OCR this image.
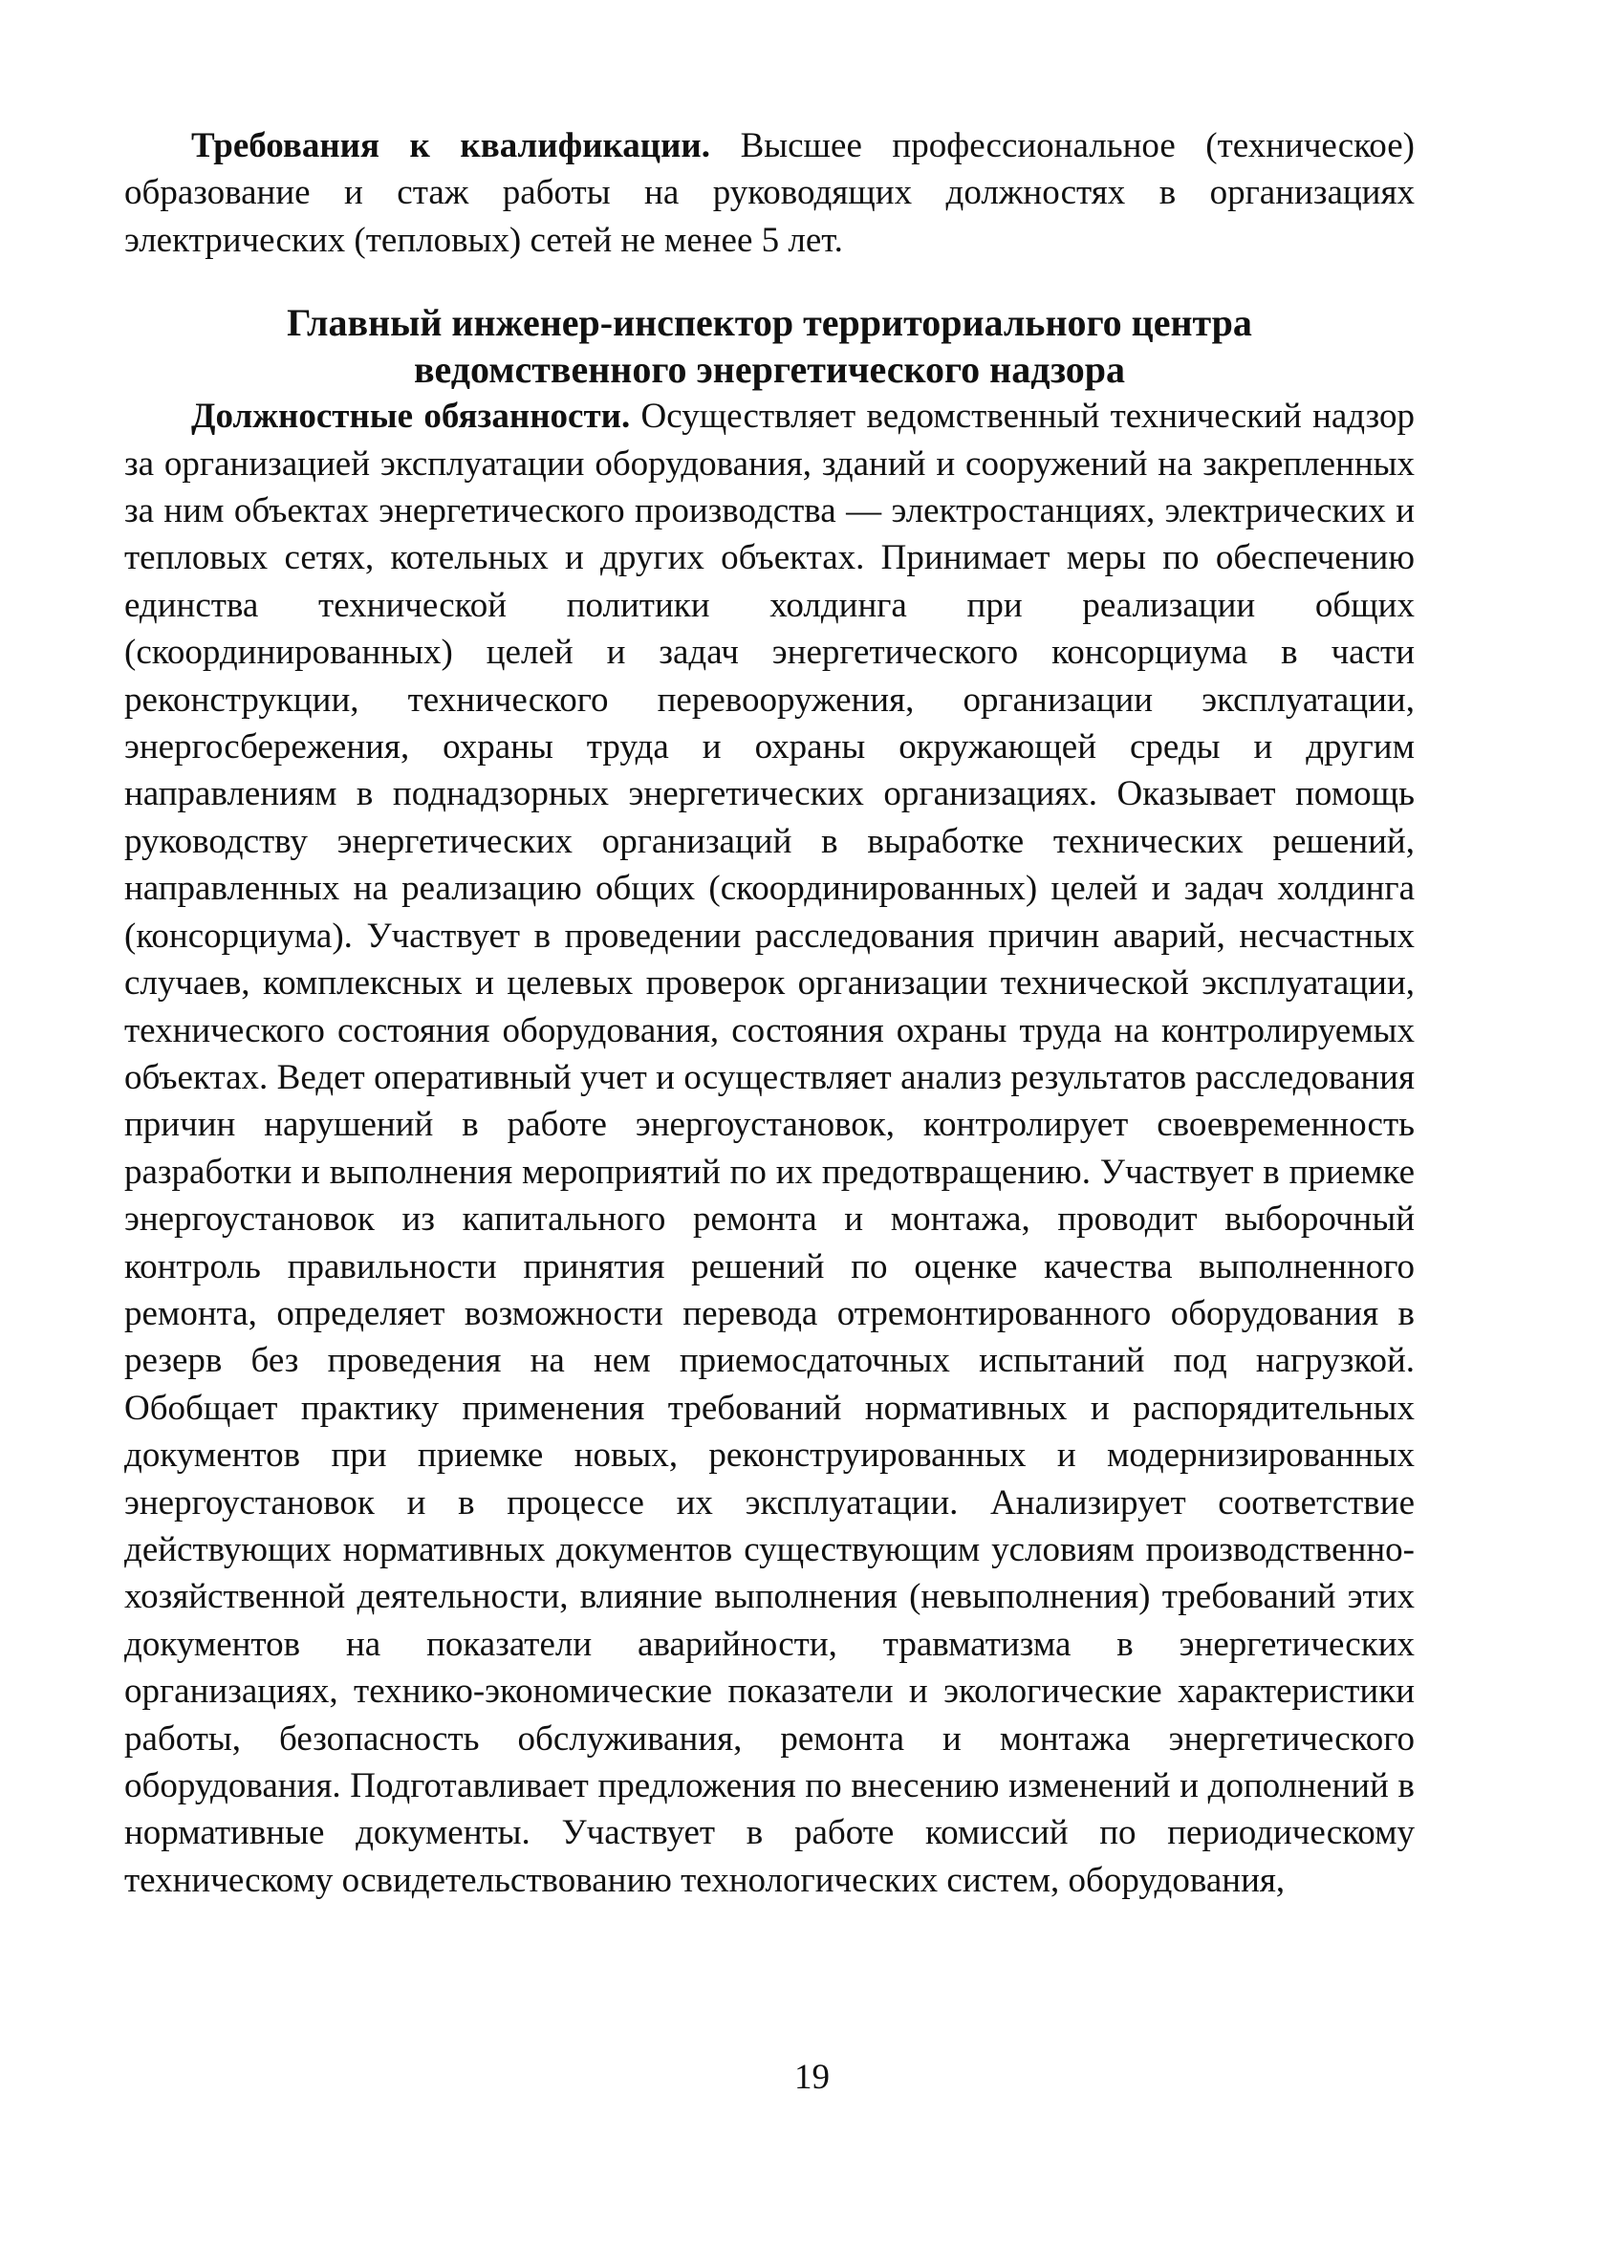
Требования к квалификации. Высшее профессиональное (техническое) образование и стаж работы на руководящих должностях в организациях электрических (тепловых) сетей не менее 5 лет.

Главный инженер-инспектор территориального центра
ведомственного энергетического надзора

Должностные обязанности. Осуществляет ведомственный технический надзор за организацией эксплуатации оборудования, зданий и сооружений на закрепленных за ним объектах энергетического производства — электростанциях, электрических и тепловых сетях, котельных и других объектах. Принимает меры по обеспечению единства технической политики холдинга при реализации общих (скоординированных) целей и задач энергетического консорциума в части реконструкции, технического перевооружения, организации эксплуатации, энергосбережения, охраны труда и охраны окружающей среды и другим направлениям в поднадзорных энергетических организациях. Оказывает помощь руководству энергетических организаций в выработке технических решений, направленных на реализацию общих (скоординированных) целей и задач холдинга (консорциума). Участвует в проведении расследования причин аварий, несчастных случаев, комплексных и целевых проверок организации технической эксплуатации, технического состояния оборудования, состояния охраны труда на контролируемых объектах. Ведет оперативный учет и осуществляет анализ результатов расследования причин нарушений в работе энергоустановок, контролирует своевременность разработки и выполнения мероприятий по их предотвращению. Участвует в приемке энергоустановок из капитального ремонта и монтажа, проводит выборочный контроль правильности принятия решений по оценке качества выполненного ремонта, определяет возможности перевода отремонтированного оборудования в резерв без проведения на нем приемосдаточных испытаний под нагрузкой. Обобщает практику применения требований нормативных и распорядительных документов при приемке новых, реконструированных и модернизированных энергоустановок и в процессе их эксплуатации. Анализирует соответствие действующих нормативных документов существующим условиям производственно-хозяйственной деятельности, влияние выполнения (невыполнения) требований этих документов на показатели аварийности, травматизма в энергетических организациях, технико-экономические показатели и экологические характеристики работы, безопасность обслуживания, ремонта и монтажа энергетического оборудования. Подготавливает предложения по внесению изменений и дополнений в нормативные документы. Участвует в работе комиссий по периодическому техническому освидетельствованию технологических систем, оборудования,

19
